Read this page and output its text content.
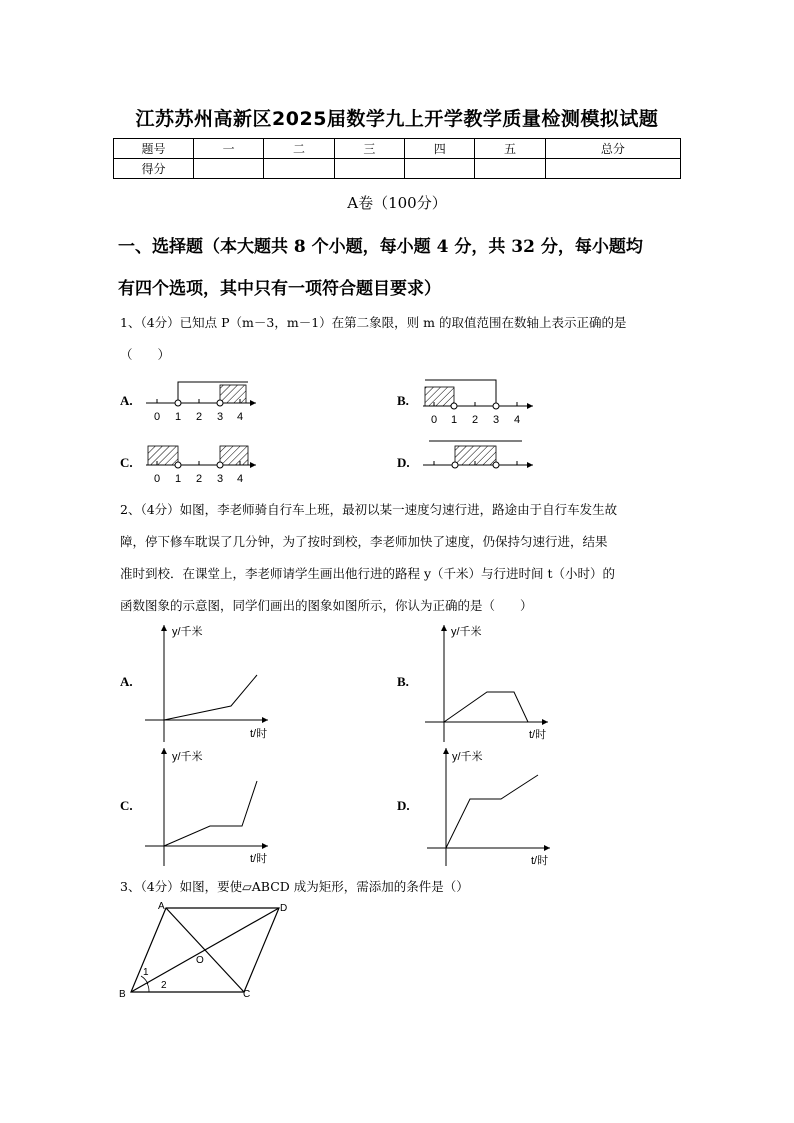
江苏苏州高新区2025届数学九上开学教学质量检测模拟试题
题号	一	二	三	四	五	总分
得分						
A卷（100分）
一、选择题（本大题共 8 个小题，每小题 4 分，共 32 分，每小题均
有四个选项，其中只有一项符合题目要求）
1、（4分）已知点 P（m－3，m－1）在第二象限，则 m 的取值范围在数轴上表示正确的是
（　　）
0 1 2 3 4	0 1 2 3 4
0 1 2 3 4
y/千米
t/时
y/千米
t/时
y/千米
t/时
y/千米
t/时
A	D
B	C
O
1
2
A.	B.
C.	D.
2、（4分）如图，李老师骑自行车上班，最初以某一速度匀速行进，路途由于自行车发生故
障，停下修车耽误了几分钟，为了按时到校，李老师加快了速度，仍保持匀速行进，结果
准时到校．在课堂上，李老师请学生画出他行进的路程 y（千米）与行进时间 t（小时）的
函数图象的示意图，同学们画出的图象如图所示，你认为正确的是（　　）
A.	B.
C.	D.
3、（4分）如图，要使▱ABCD 成为矩形，需添加的条件是（）
